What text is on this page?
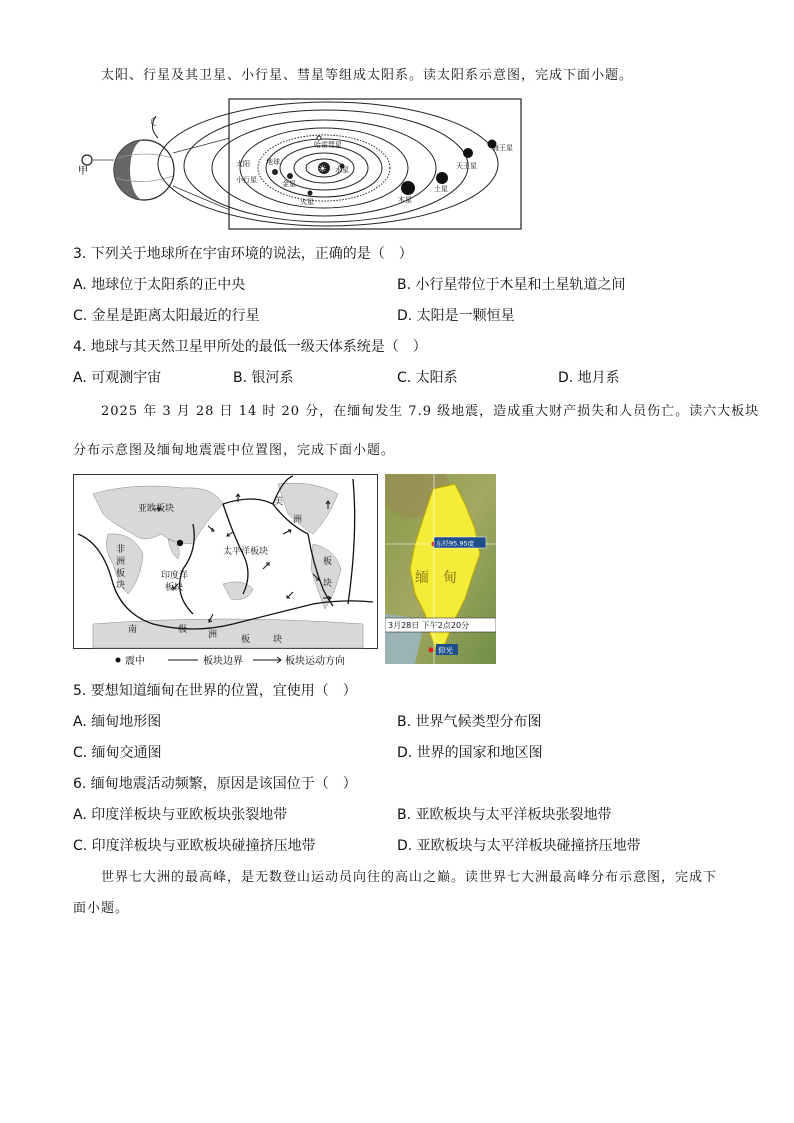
太阳、行星及其卫星、小行星、彗星等组成太阳系。读太阳系示意图，完成下面小题。
甲
☾
☀ 水星
金星
地球
太阳
哈雷彗星
火星	木星
土星
天王星
海王星
小行星
3. 下列关于地球所在宇宙环境的说法，正确的是（　）
A. 地球位于太阳系的正中央	B. 小行星带位于木星和土星轨道之间
C. 金星是距离太阳最近的行星	D. 太阳是一颗恒星
4. 地球与其天然卫星甲所处的最低一级天体系统是（　）
A. 可观测宇宙	B. 银河系	C. 太阳系	D. 地月系
2025 年 3 月 28 日 14 时 20 分，在缅甸发生 7.9 级地震，造成重大财产损失和人员伤亡。读六大板块
分布示意图及缅甸地震震中位置图，完成下面小题。
亚欧板块
美
洲
非
洲
板
块
太平洋板块
印度洋
板块
板
块
南	极 洲	板	块
震中	板块边界	板块运动方向
东经95.95度
缅　甸
3月28日 下午2点20分
仰光
5. 要想知道缅甸在世界的位置，宜使用（　）
A. 缅甸地形图	B. 世界气候类型分布图
C. 缅甸交通图	D. 世界的国家和地区图
6. 缅甸地震活动频繁，原因是该国位于（　）
A. 印度洋板块与亚欧板块张裂地带	B. 亚欧板块与太平洋板块张裂地带
C. 印度洋板块与亚欧板块碰撞挤压地带	D. 亚欧板块与太平洋板块碰撞挤压地带
世界七大洲的最高峰，是无数登山运动员向往的高山之巅。读世界七大洲最高峰分布示意图，完成下
面小题。
